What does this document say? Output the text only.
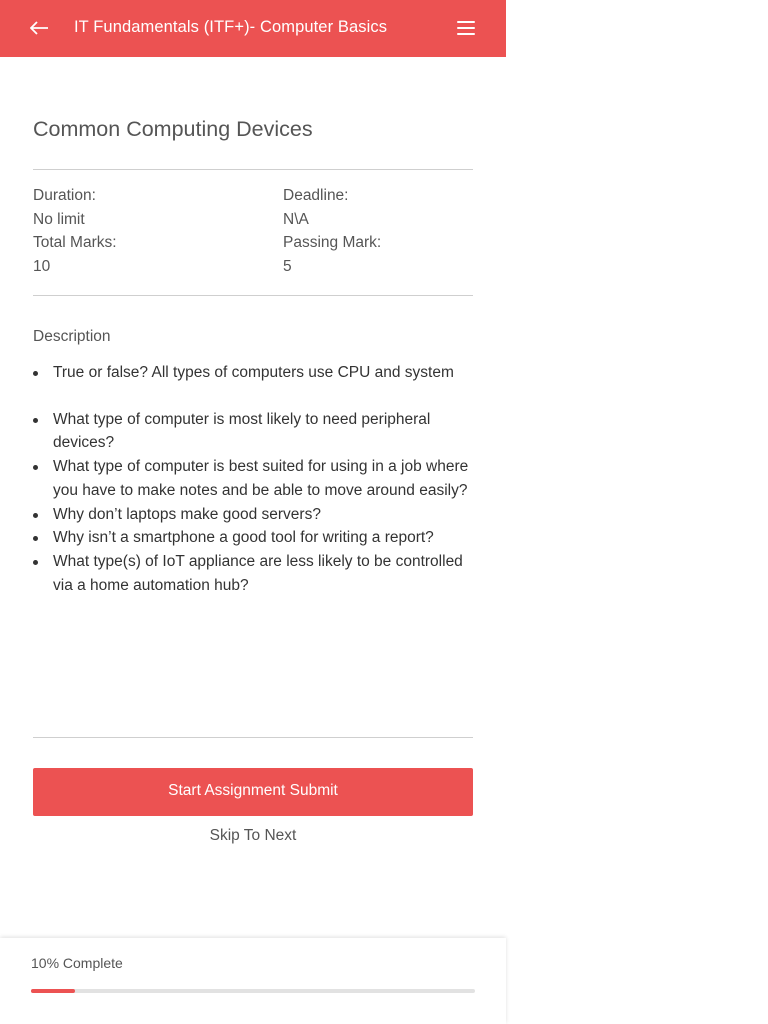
IT Fundamentals (ITF+)- Computer Basics
Common Computing Devices
Duration:	Deadline:
No limit	N\A
Total Marks:	Passing Mark:
10	5
Description
True or false? All types of computers use CPU and system
What type of computer is most likely to need peripheral devices?
What type of computer is best suited for using in a job where you have to make notes and be able to move around easily?
Why don’t laptops make good servers?
Why isn’t a smartphone a good tool for writing a report?
What type(s) of IoT appliance are less likely to be controlled via a home automation hub?
Start Assignment Submit
Skip To Next
10% Complete
